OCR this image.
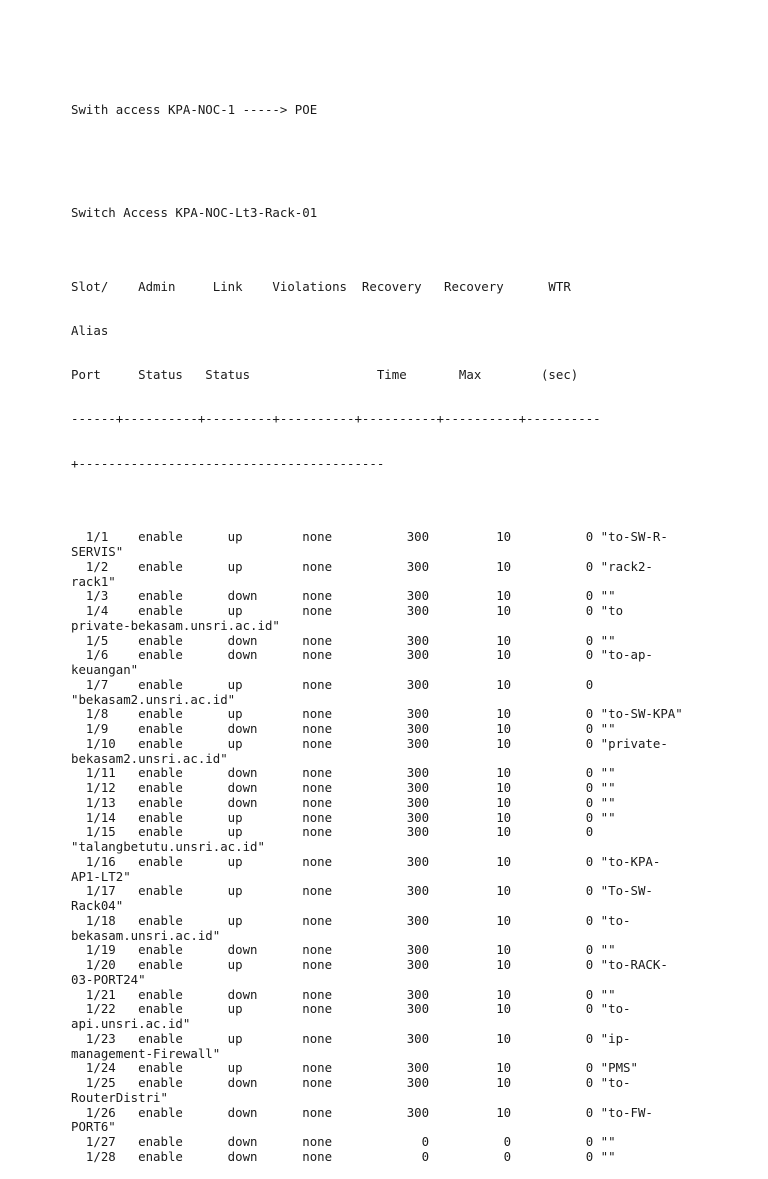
Swith access KPA-NOC-1 -----> POE

Switch Access KPA-NOC-Lt3-Rack-01

Slot/    Admin     Link    Violations  Recovery   Recovery      WTR

Alias

Port     Status   Status                 Time       Max        (sec)

------+----------+---------+----------+----------+----------+----------

+-----------------------------------------

1/1    enable      up        none          300         10          0 "to-SW-R-
SERVIS"
1/2    enable      up        none          300         10          0 "rack2-
rack1"
1/3    enable      down      none          300         10          0 ""
1/4    enable      up        none          300         10          0 "to
private-bekasam.unsri.ac.id"
1/5    enable      down      none          300         10          0 ""
1/6    enable      down      none          300         10          0 "to-ap-
keuangan"
1/7    enable      up        none          300         10          0
"bekasam2.unsri.ac.id"
1/8    enable      up        none          300         10          0 "to-SW-KPA"
1/9    enable      down      none          300         10          0 ""
1/10   enable      up        none          300         10          0 "private-
bekasam2.unsri.ac.id"
1/11   enable      down      none          300         10          0 ""
1/12   enable      down      none          300         10          0 ""
1/13   enable      down      none          300         10          0 ""
1/14   enable      up        none          300         10          0 ""
1/15   enable      up        none          300         10          0
"talangbetutu.unsri.ac.id"
1/16   enable      up        none          300         10          0 "to-KPA-
AP1-LT2"
1/17   enable      up        none          300         10          0 "To-SW-
Rack04"
1/18   enable      up        none          300         10          0 "to-
bekasam.unsri.ac.id"
1/19   enable      down      none          300         10          0 ""
1/20   enable      up        none          300         10          0 "to-RACK-
03-PORT24"
1/21   enable      down      none          300         10          0 ""
1/22   enable      up        none          300         10          0 "to-
api.unsri.ac.id"
1/23   enable      up        none          300         10          0 "ip-
management-Firewall"
1/24   enable      up        none          300         10          0 "PMS"
1/25   enable      down      none          300         10          0 "to-
RouterDistri"
1/26   enable      down      none          300         10          0 "to-FW-
PORT6"
1/27   enable      down      none            0          0          0 ""
1/28   enable      down      none            0          0          0 ""
